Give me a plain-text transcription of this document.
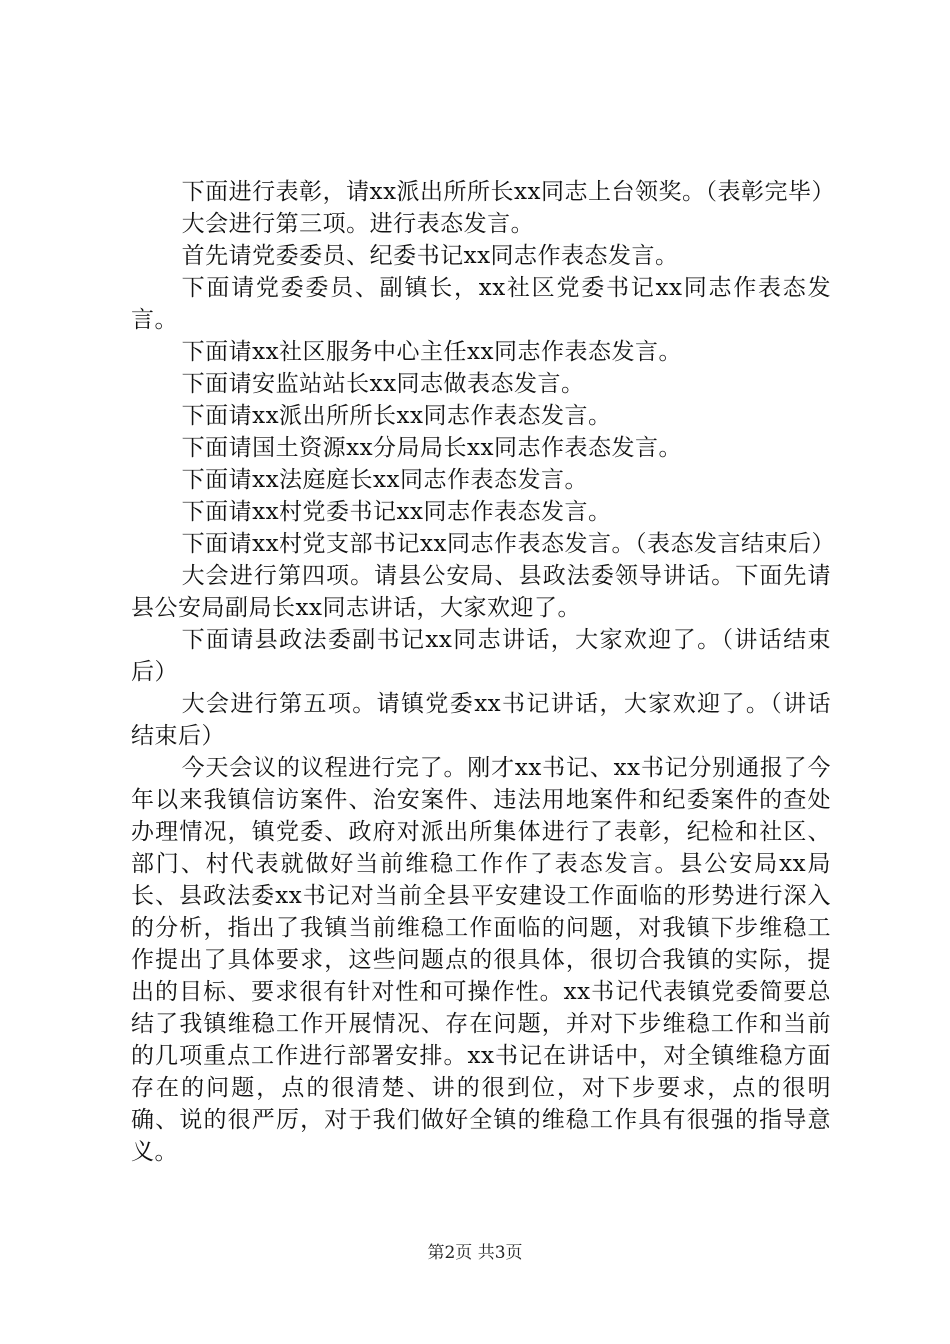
下面进行表彰，请xx派出所所长xx同志上台领奖。（表彰完毕）

大会进行第三项。进行表态发言。

首先请党委委员、纪委书记xx同志作表态发言。

下面请党委委员、副镇长，xx社区党委书记xx同志作表态发言。

下面请xx社区服务中心主任xx同志作表态发言。

下面请安监站站长xx同志做表态发言。

下面请xx派出所所长xx同志作表态发言。

下面请国土资源xx分局局长xx同志作表态发言。

下面请xx法庭庭长xx同志作表态发言。

下面请xx村党委书记xx同志作表态发言。

下面请xx村党支部书记xx同志作表态发言。（表态发言结束后）

大会进行第四项。请县公安局、县政法委领导讲话。下面先请县公安局副局长xx同志讲话，大家欢迎了。

下面请县政法委副书记xx同志讲话，大家欢迎了。（讲话结束后）

大会进行第五项。请镇党委xx书记讲话，大家欢迎了。（讲话结束后）

今天会议的议程进行完了。刚才xx书记、xx书记分别通报了今年以来我镇信访案件、治安案件、违法用地案件和纪委案件的查处办理情况，镇党委、政府对派出所集体进行了表彰，纪检和社区、部门、村代表就做好当前维稳工作作了表态发言。县公安局xx局长、县政法委xx书记对当前全县平安建设工作面临的形势进行深入的分析，指出了我镇当前维稳工作面临的问题，对我镇下步维稳工作提出了具体要求，这些问题点的很具体，很切合我镇的实际，提出的目标、要求很有针对性和可操作性。xx书记代表镇党委简要总结了我镇维稳工作开展情况、存在问题，并对下步维稳工作和当前的几项重点工作进行部署安排。xx书记在讲话中，对全镇维稳方面存在的问题，点的很清楚、讲的很到位，对下步要求，点的很明确、说的很严厉，对于我们做好全镇的维稳工作具有很强的指导意义。

第2页 共3页
